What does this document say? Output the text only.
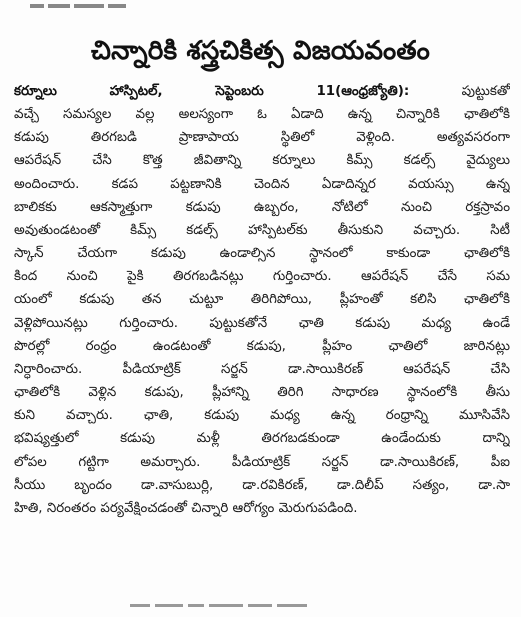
చిన్నారికి శస్త్రచికిత్స విజయవంతం
కర్నూలు హాస్పిటల్, సెప్టెంబరు 11(ఆంధ్రజ్యోతి): పుట్టుకతో
వచ్చే సమస్యల వల్ల అలస్యంగా ఓ ఏడాది ఉన్న చిన్నారికి ఛాతిలోకి
కడుపు తిరగబడి ప్రాణాపాయ స్థితిలో వెళ్లింది. అత్యవసరంగా
ఆపరేషన్ చేసి కొత్త జీవితాన్ని కర్నూలు కిమ్స్ కడల్స్ వైద్యులు
అందించారు. కడప పట్టణానికి చెందిన ఏడాదిన్నర వయస్సు ఉన్న
బాలికకు ఆకస్మాత్తుగా కడుపు ఉబ్బరం, నోటిలో నుంచి రక్తస్రావం
అవుతుండటంతో కిమ్స్ కడల్స్ హాస్పిటల్‌కు తీసుకుని వచ్చారు. సిటీ
స్కాన్ చేయగా కడుపు ఉండాల్సిన స్థానంలో కాకుండా ఛాతిలోకి
కింద నుంచి పైకి తిరగబడినట్లు గుర్తించారు. ఆపరేషన్ చేసే సమ
యంలో కడుపు తన చుట్టూ తిరిగిపోయి, ప్లీహంతో కలిసి ఛాతిలోకి
వెళ్లిపోయినట్లు గుర్తించారు. పుట్టుకతోనే ఛాతి కడుపు మధ్య ఉండే
పొరల్లో రంధ్రం ఉండటంతో కడుపు, ప్లీహం ఛాతిలో జారినట్లు
నిర్ధారించారు. పీడియాట్రిక్ సర్జన్ డా.సాయికిరణ్ ఆపరేషన్ చేసి
ఛాతిలోకి వెళ్లిన కడుపు, ప్లీహాన్ని తిరిగి సాధారణ స్థానంలోకి తీసు
కుని వచ్చారు. ఛాతి, కడుపు మధ్య ఉన్న రంధ్రాన్ని మూసివేసి
భవిష్యత్తులో కడుపు మళ్లీ తిరగబడకుండా ఉండేందుకు దాన్ని
లోపల గట్టిగా అమర్చారు. పీడియాట్రిక్ సర్జన్ డా.సాయికిరణ్, పీఐ
సీయు బృందం డా.వాసుబుర్లి, డా.రవికిరణ్, డా.దిలీప్ సత్యం, డా.సా
హితి, నిరంతరం పర్యవేక్షించడంతో చిన్నారి ఆరోగ్యం మెరుగుపడింది.
